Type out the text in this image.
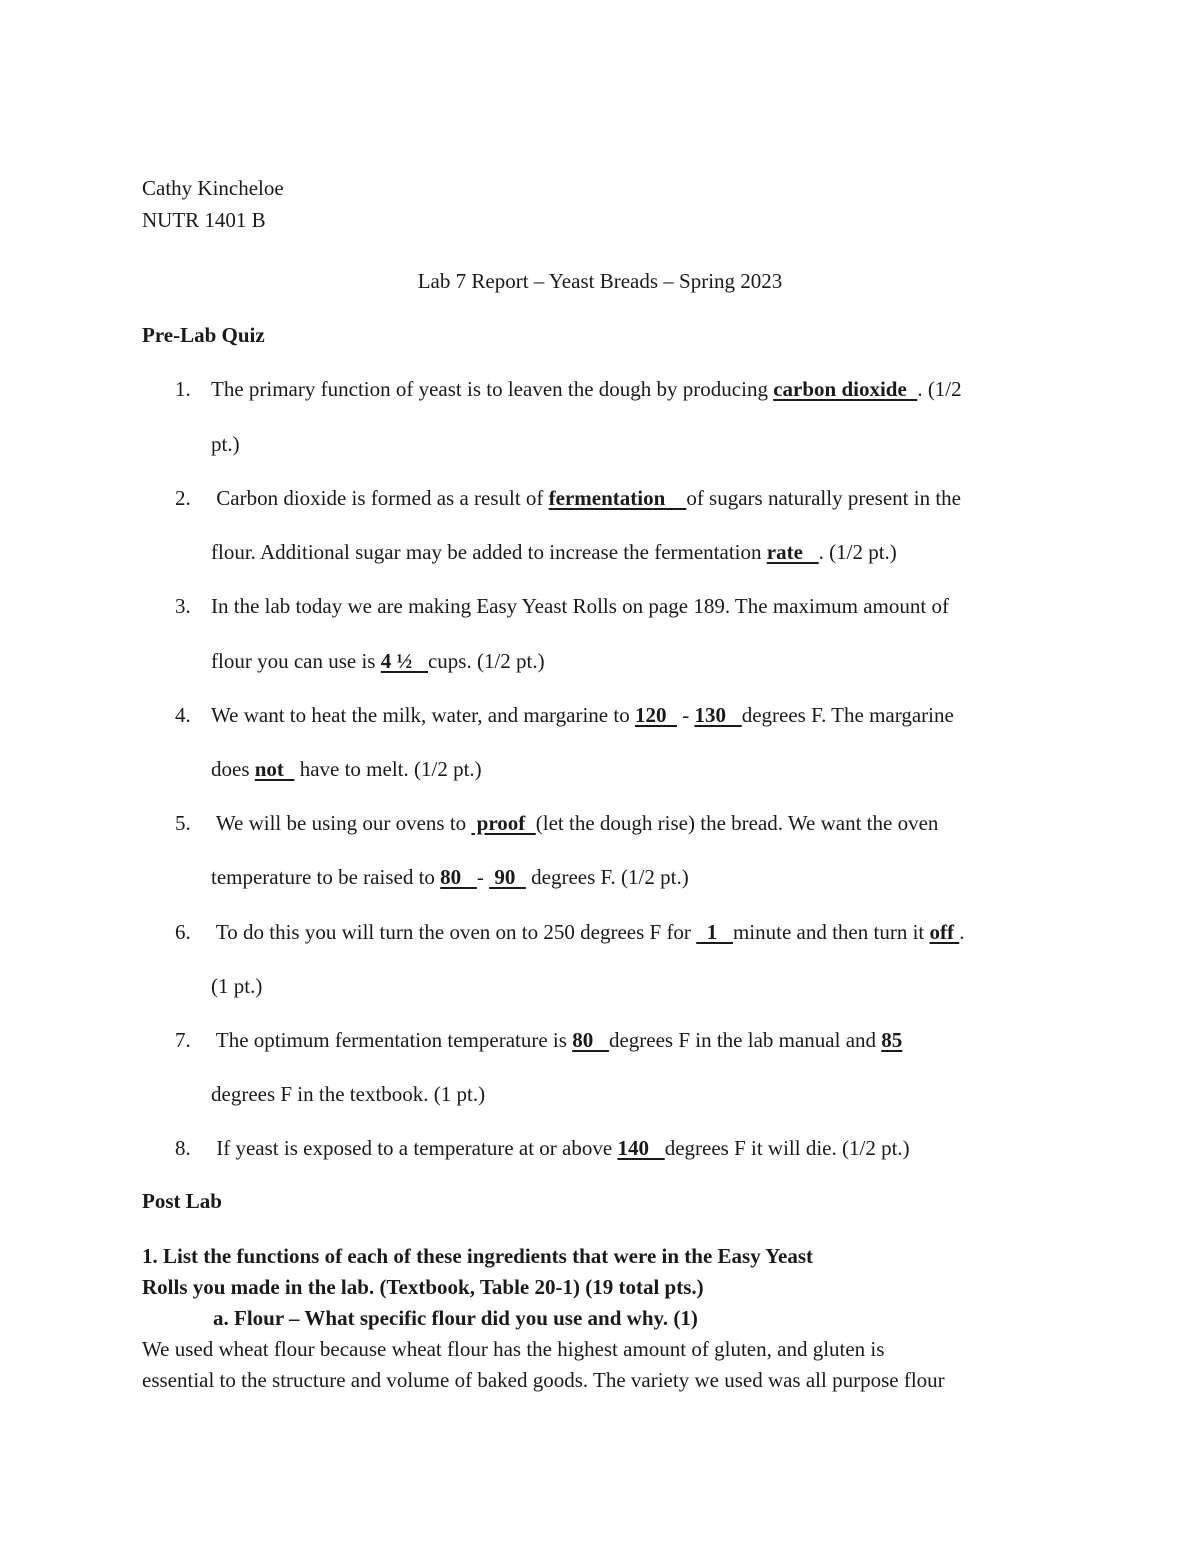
Cathy Kincheloe
NUTR 1401 B
Lab 7 Report – Yeast Breads – Spring 2023
Pre-Lab Quiz
1. The primary function of yeast is to leaven the dough by producing carbon dioxide  . (1/2
pt.)
2. Carbon dioxide is formed as a result of fermentation    of sugars naturally present in the
flour. Additional sugar may be added to increase the fermentation rate   . (1/2 pt.)
3. In the lab today we are making Easy Yeast Rolls on page 189. The maximum amount of
flour you can use is 4 ½   cups. (1/2 pt.)
4. We want to heat the milk, water, and margarine to 120   - 130   degrees F. The margarine
does not   have to melt. (1/2 pt.)
5. We will be using our ovens to  proof  (let the dough rise) the bread. We want the oven
temperature to be raised to 80   -  90   degrees F. (1/2 pt.)
6. To do this you will turn the oven on to 250 degrees F for   1   minute and then turn it off .
(1 pt.)
7. The optimum fermentation temperature is 80   degrees F in the lab manual and 85
degrees F in the textbook. (1 pt.)
8. If yeast is exposed to a temperature at or above 140   degrees F it will die. (1/2 pt.)
Post Lab
1. List the functions of each of these ingredients that were in the Easy Yeast
Rolls you made in the lab. (Textbook, Table 20-1) (19 total pts.)
a. Flour – What specific flour did you use and why. (1)
We used wheat flour because wheat flour has the highest amount of gluten, and gluten is
essential to the structure and volume of baked goods. The variety we used was all purpose flour
